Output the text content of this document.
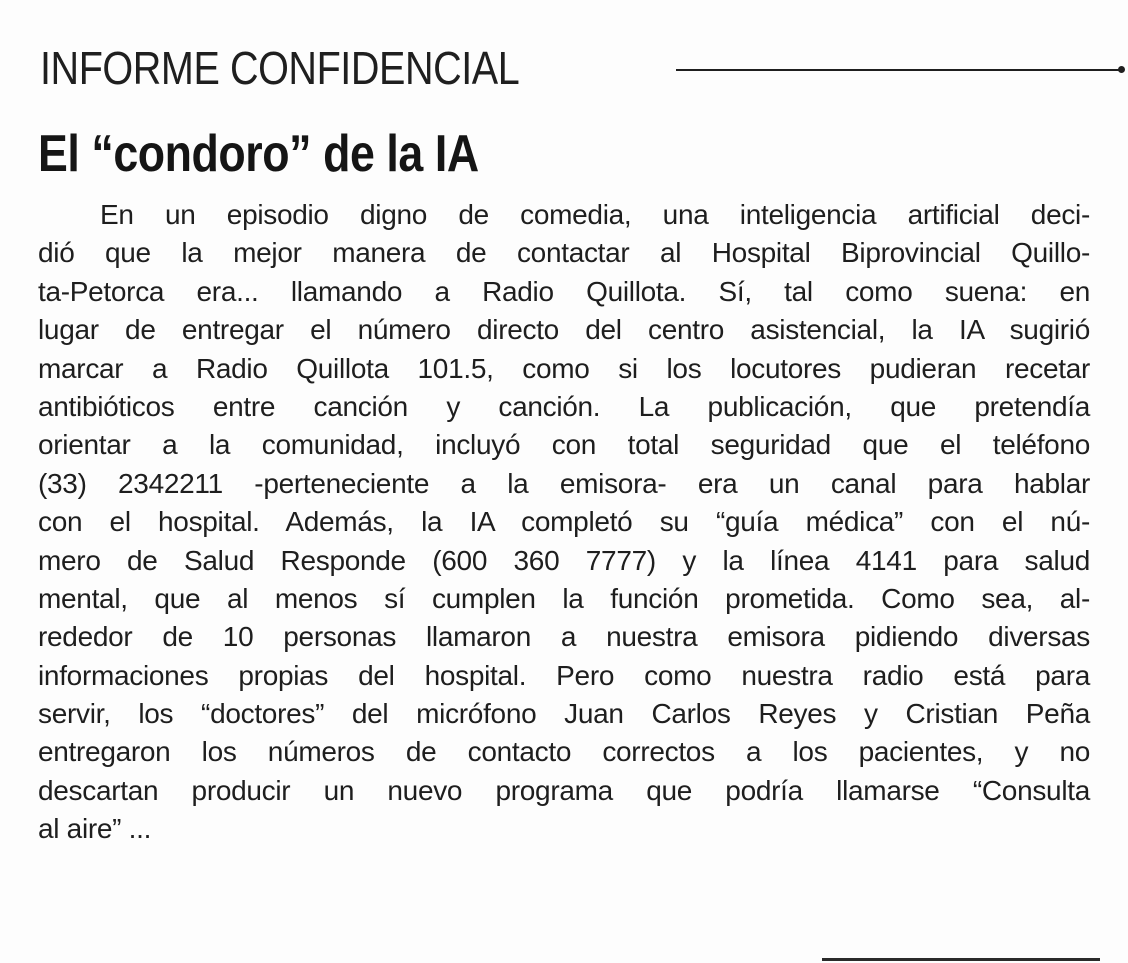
INFORME CONFIDENCIAL
El “condoro” de la IA
En un episodio digno de comedia, una inteligencia artificial deci-
dió que la mejor manera de contactar al Hospital Biprovincial Quillo-
ta-Petorca era... llamando a Radio Quillota. Sí, tal como suena: en
lugar de entregar el número directo del centro asistencial, la IA sugirió
marcar a Radio Quillota 101.5, como si los locutores pudieran recetar
antibióticos entre canción y canción. La publicación, que pretendía
orientar a la comunidad, incluyó con total seguridad que el teléfono
(33) 2342211 -perteneciente a la emisora- era un canal para hablar
con el hospital. Además, la IA completó su “guía médica” con el nú-
mero de Salud Responde (600 360 7777) y la línea 4141 para salud
mental, que al menos sí cumplen la función prometida. Como sea, al-
rededor de 10 personas llamaron a nuestra emisora pidiendo diversas
informaciones propias del hospital. Pero como nuestra radio está para
servir, los “doctores” del micrófono Juan Carlos Reyes y Cristian Peña
entregaron los números de contacto correctos a los pacientes, y no
descartan producir un nuevo programa que podría llamarse “Consulta
al aire” ...
